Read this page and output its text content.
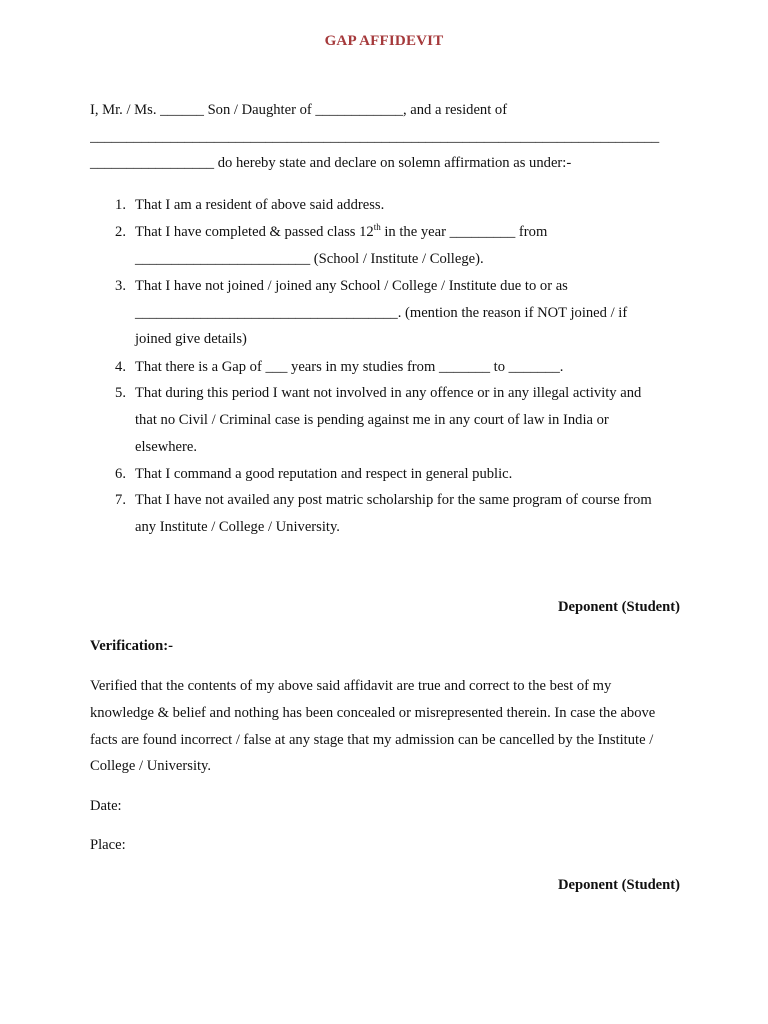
GAP AFFIDEVIT
I, Mr. / Ms. ______ Son / Daughter of ____________, and a resident of
______________________________________________________________________________
_________________ do hereby state and declare on solemn affirmation as under:-
1. That I am a resident of above said address.
2. That I have completed & passed class 12th in the year _________ from
________________________ (School / Institute / College).
3. That I have not joined / joined any School / College / Institute due to or as
____________________________________. (mention the reason if NOT joined / if
joined give details)
4. That there is a Gap of ___ years in my studies from _______ to _______.
5. That during this period I want not involved in any offence or in any illegal activity and
that no Civil / Criminal case is pending against me in any court of law in India or
elsewhere.
6. That I command a good reputation and respect in general public.
7. That I have not availed any post matric scholarship for the same program of course from
any Institute / College / University.
Deponent (Student)
Verification:-
Verified that the contents of my above said affidavit are true and correct to the best of my
knowledge & belief and nothing has been concealed or misrepresented therein. In case the above
facts are found incorrect / false at any stage that my admission can be cancelled by the Institute /
College / University.
Date:
Place:
Deponent (Student)
